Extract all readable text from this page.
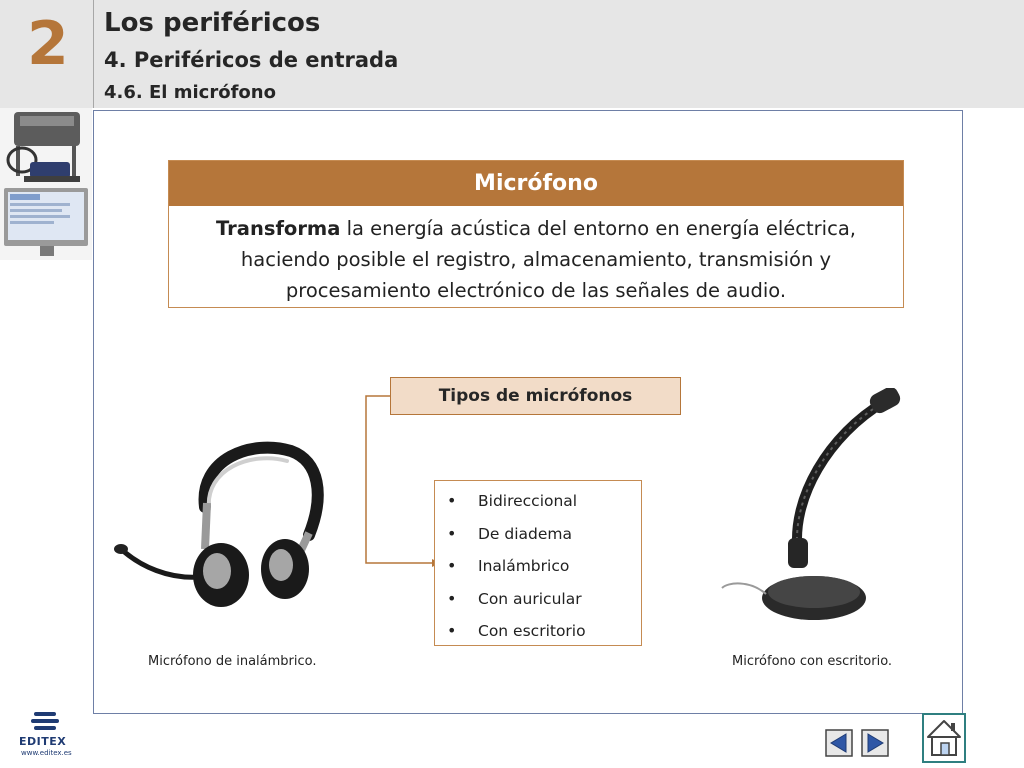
2 Los periféricos
4. Periféricos de entrada
4.6. El micrófono
Micrófono
Transforma la energía acústica del entorno en energía eléctrica, haciendo posible el registro, almacenamiento, transmisión y procesamiento electrónico de las señales de audio.
Tipos de micrófonos
• Bidireccional
• De diadema
• Inalámbrico
• Con auricular
• Con escritorio
Micrófono de inalámbrico.	Micrófono con escritorio.
EDITEX
www.editex.es
